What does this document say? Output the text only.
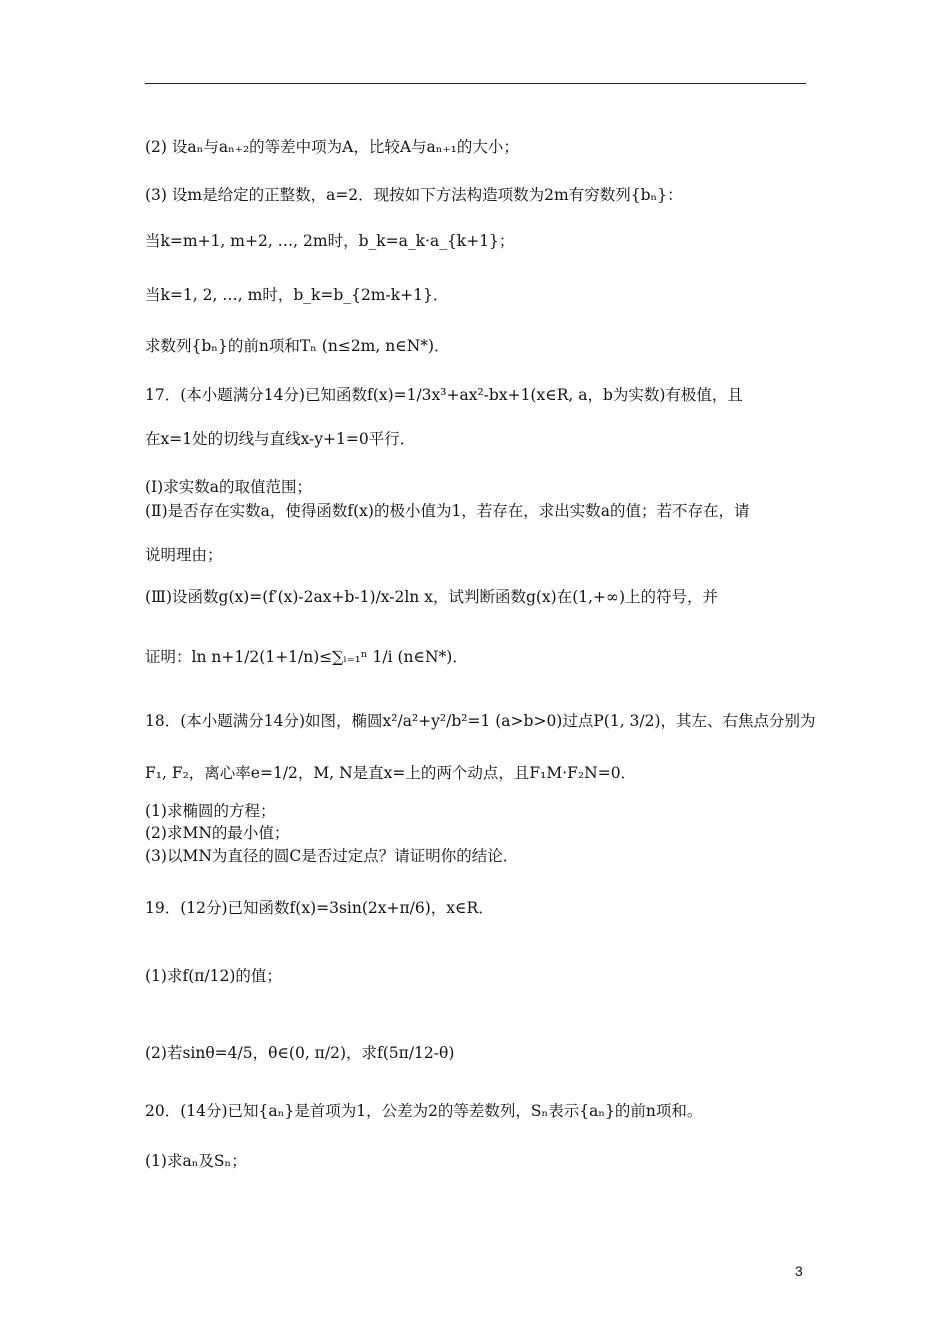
(2) 设aₙ与aₙ₊₂的等差中项为A，比较A与aₙ₊₁的大小；
(3) 设m是给定的正整数，a=2．现按如下方法构造项数为2m有穷数列{bₙ}：
当k=m+1, m+2, …, 2m时，b_k=a_k·a_{k+1}；
当k=1, 2, …, m时，b_k=b_{2m-k+1}．
求数列{bₙ}的前n项和Tₙ (n≤2m, n∈N*)．
17．(本小题满分14分)已知函数f(x)=1/3x³+ax²-bx+1(x∈R, a，b为实数)有极值，且
在x=1处的切线与直线x-y+1=0平行．
(Ⅰ)求实数a的取值范围；
(Ⅱ)是否存在实数a，使得函数f(x)的极小值为1，若存在，求出实数a的值；若不存在，请
说明理由；
(Ⅲ)设函数g(x)=(f′(x)-2ax+b-1)/x-2ln x，试判断函数g(x)在(1,+∞)上的符号，并
证明：ln n+1/2(1+1/n)≤∑ᵢ₌₁ⁿ 1/i (n∈N*)．
18．(本小题满分14分)如图，椭圆x²/a²+y²/b²=1 (a>b>0)过点P(1, 3/2)，其左、右焦点分别为
F₁, F₂，离心率e=1/2，M, N是直x=上的两个动点，且F₁M·F₂N=0．
(1)求椭圆的方程；
(2)求MN的最小值；
(3)以MN为直径的圆C是否过定点？请证明你的结论．
19．(12分)已知函数f(x)=3sin(2x+π/6)，x∈R．
(1)求f(π/12)的值；
(2)若sinθ=4/5，θ∈(0, π/2)，求f(5π/12-θ)
20．(14分)已知{aₙ}是首项为1，公差为2的等差数列，Sₙ表示{aₙ}的前n项和。
(1)求aₙ及Sₙ；
3
